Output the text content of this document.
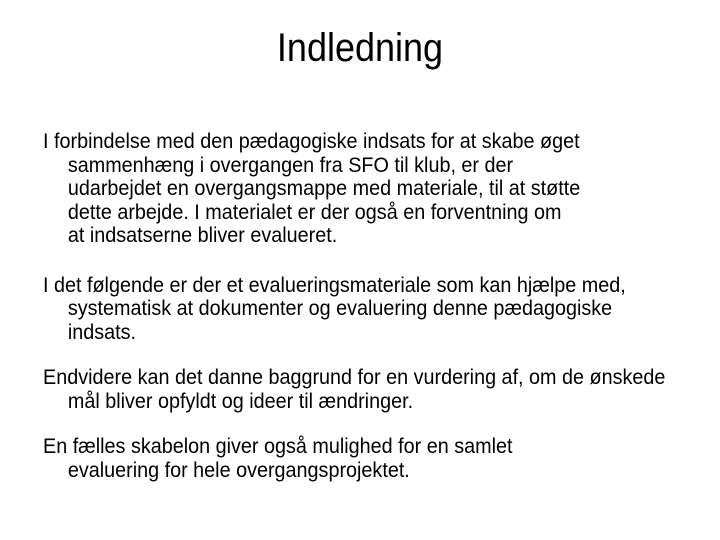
Indledning

I forbindelse med den pædagogiske indsats for at skabe øget sammenhæng i overgangen fra SFO til klub, er der udarbejdet en overgangsmappe med materiale, til at støtte dette arbejde. I materialet er der også en forventning om at indsatserne bliver evalueret.

I det følgende er der et evalueringsmateriale som kan hjælpe med, systematisk at dokumenter og evaluering denne pædagogiske indsats.

Endvidere kan det danne baggrund for en vurdering af, om de ønskede mål bliver opfyldt og ideer til ændringer.

En fælles skabelon giver også mulighed for en samlet evaluering for hele overgangsprojektet.
